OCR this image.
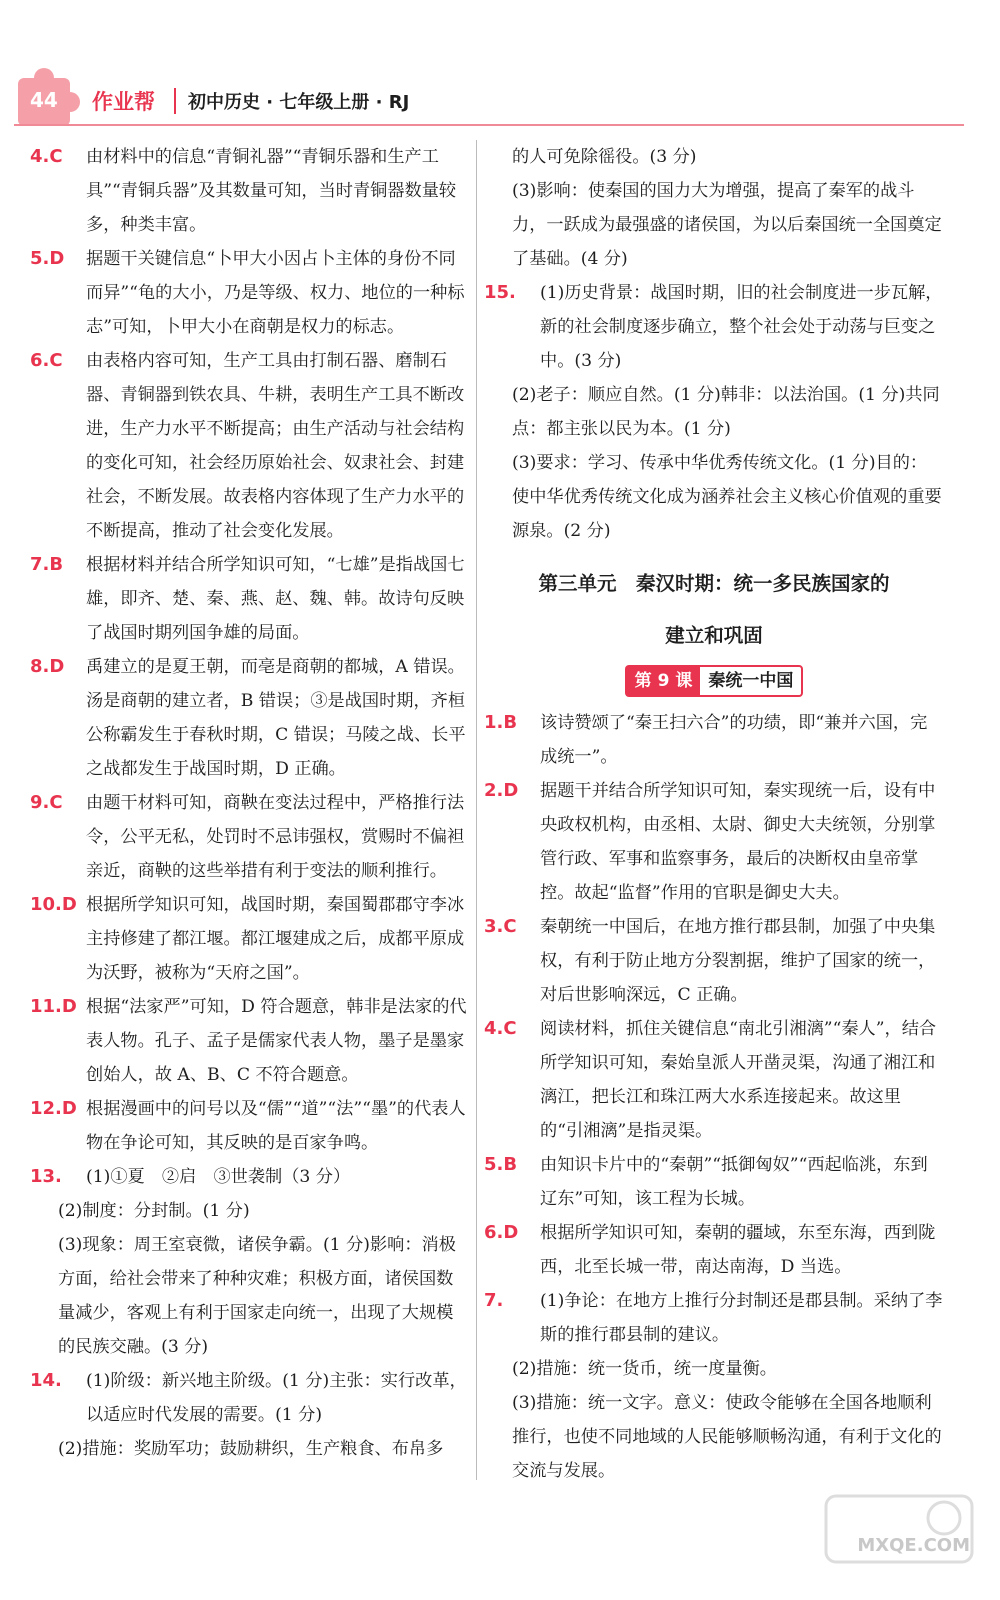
44 作业帮 初中历史 · 七年级上册 · RJ

4.C 由材料中的信息“青铜礼器”“青铜乐器和生产工具”“青铜兵器”及其数量可知，当时青铜器数量较多，种类丰富。

5.D 据题干关键信息“卜甲大小因占卜主体的身份不同而异”“龟的大小，乃是等级、权力、地位的一种标志”可知，卜甲大小在商朝是权力的标志。

6.C 由表格内容可知，生产工具由打制石器、磨制石器、青铜器到铁农具、牛耕，表明生产工具不断改进，生产力水平不断提高；由生产活动与社会结构的变化可知，社会经历原始社会、奴隶社会、封建社会，不断发展。故表格内容体现了生产力水平的不断提高，推动了社会变化发展。

7.B 根据材料并结合所学知识可知，“七雄”是指战国七雄，即齐、楚、秦、燕、赵、魏、韩。故诗句反映了战国时期列国争雄的局面。

8.D 禹建立的是夏王朝，而亳是商朝的都城，A 错误。汤是商朝的建立者，B 错误；③是战国时期，齐桓公称霸发生于春秋时期，C 错误；马陵之战、长平之战都发生于战国时期，D 正确。

9.C 由题干材料可知，商鞅在变法过程中，严格推行法令，公平无私，处罚时不忌讳强权，赏赐时不偏袒亲近，商鞅的这些举措有利于变法的顺利推行。

10.D 根据所学知识可知，战国时期，秦国蜀郡郡守李冰主持修建了都江堰。都江堰建成之后，成都平原成为沃野，被称为“天府之国”。

11.D 根据“法家严”可知，D 符合题意，韩非是法家的代表人物。孔子、孟子是儒家代表人物，墨子是墨家创始人，故 A、B、C 不符合题意。

12.D 根据漫画中的问号以及“儒”“道”“法”“墨”的代表人物在争论可知，其反映的是百家争鸣。

13. (1)①夏　②启　③世袭制（3 分）

(2)制度：分封制。(1 分)

(3)现象：周王室衰微，诸侯争霸。(1 分)影响：消极方面，给社会带来了种种灾难；积极方面，诸侯国数量减少，客观上有利于国家走向统一，出现了大规模的民族交融。(3 分)

14. (1)阶级：新兴地主阶级。(1 分)主张：实行改革，以适应时代发展的需要。(1 分)

(2)措施：奖励军功；鼓励耕织，生产粮食、布帛多

的人可免除徭役。(3 分)

(3)影响：使秦国的国力大为增强，提高了秦军的战斗力，一跃成为最强盛的诸侯国，为以后秦国统一全国奠定了基础。(4 分)

15. (1)历史背景：战国时期，旧的社会制度进一步瓦解，新的社会制度逐步确立，整个社会处于动荡与巨变之中。(3 分)

(2)老子：顺应自然。(1 分)韩非：以法治国。(1 分)共同点：都主张以民为本。(1 分)

(3)要求：学习、传承中华优秀传统文化。(1 分)目的：使中华优秀传统文化成为涵养社会主义核心价值观的重要源泉。(2 分)

第三单元　秦汉时期：统一多民族国家的
建立和巩固
第 9 课 秦统一中国

1.B 该诗赞颂了“秦王扫六合”的功绩，即“兼并六国，完成统一”。

2.D 据题干并结合所学知识可知，秦实现统一后，设有中央政权机构，由丞相、太尉、御史大夫统领，分别掌管行政、军事和监察事务，最后的决断权由皇帝掌控。故起“监督”作用的官职是御史大夫。

3.C 秦朝统一中国后，在地方推行郡县制，加强了中央集权，有利于防止地方分裂割据，维护了国家的统一，对后世影响深远，C 正确。

4.C 阅读材料，抓住关键信息“南北引湘漓”“秦人”，结合所学知识可知，秦始皇派人开凿灵渠，沟通了湘江和漓江，把长江和珠江两大水系连接起来。故这里的“引湘漓”是指灵渠。

5.B 由知识卡片中的“秦朝”“抵御匈奴”“西起临洮，东到辽东”可知，该工程为长城。

6.D 根据所学知识可知，秦朝的疆域，东至东海，西到陇西，北至长城一带，南达南海，D 当选。

7. (1)争论：在地方上推行分封制还是郡县制。采纳了李斯的推行郡县制的建议。

(2)措施：统一货币，统一度量衡。

(3)措施：统一文字。意义：使政令能够在全国各地顺利推行，也使不同地域的人民能够顺畅沟通，有利于文化的交流与发展。

MXQE.COM
